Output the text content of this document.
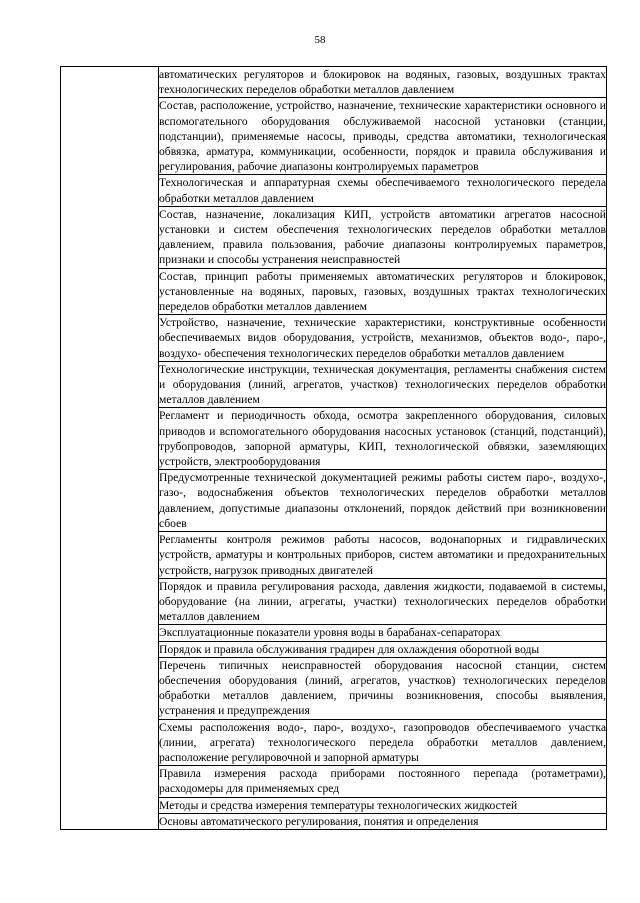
58

автоматических регуляторов и блокировок на водяных, газовых, воздушных трактах технологических переделов обработки металлов давлением

Состав, расположение, устройство, назначение, технические характеристики основного и вспомогательного оборудования обслуживаемой насосной установки (станции, подстанции), применяемые насосы, приводы, средства автоматики, технологическая обвязка, арматура, коммуникации, особенности, порядок и правила обслуживания и регулирования, рабочие диапазоны контролируемых параметров

Технологическая и аппаратурная схемы обеспечиваемого технологического передела обработки металлов давлением

Состав, назначение, локализация КИП, устройств автоматики агрегатов насосной установки и систем обеспечения технологических переделов обработки металлов давлением, правила пользования, рабочие диапазоны контролируемых параметров, признаки и способы устранения неисправностей

Состав, принцип работы применяемых автоматических регуляторов и блокировок, установленные на водяных, паровых, газовых, воздушных трактах технологических переделов обработки металлов давлением

Устройство, назначение, технические характеристики, конструктивные особенности обеспечиваемых видов оборудования, устройств, механизмов, объектов водо-, паро-, воздухо- обеспечения технологических переделов обработки металлов давлением

Технологические инструкции, техническая документация, регламенты снабжения систем и оборудования (линий, агрегатов, участков) технологических переделов обработки металлов давлением

Регламент и периодичность обхода, осмотра закрепленного оборудования, силовых приводов и вспомогательного оборудования насосных установок (станций, подстанций), трубопроводов, запорной арматуры, КИП, технологической обвязки, заземляющих устройств, электрооборудования

Предусмотренные технической документацией режимы работы систем паро-, воздухо-, газо-, водоснабжения объектов технологических переделов обработки металлов давлением, допустимые диапазоны отклонений, порядок действий при возникновении сбоев

Регламенты контроля режимов работы насосов, водонапорных и гидравлических устройств, арматуры и контрольных приборов, систем автоматики и предохранительных устройств, нагрузок приводных двигателей

Порядок и правила регулирования расхода, давления жидкости, подаваемой в системы, оборудование (на линии, агрегаты, участки) технологических переделов обработки металлов давлением

Эксплуатационные показатели уровня воды в барабанах-сепараторах

Порядок и правила обслуживания градирен для охлаждения оборотной воды

Перечень типичных неисправностей оборудования насосной станции, систем обеспечения оборудования (линий, агрегатов, участков) технологических переделов обработки металлов давлением, причины возникновения, способы выявления, устранения и предупреждения

Схемы расположения водо-, паро-, воздухо-, газопроводов обеспечиваемого участка (линии, агрегата) технологического передела обработки металлов давлением, расположение регулировочной и запорной арматуры

Правила измерения расхода приборами постоянного перепада (ротаметрами), расходомеры для применяемых сред

Методы и средства измерения температуры технологических жидкостей

Основы автоматического регулирования, понятия и определения
